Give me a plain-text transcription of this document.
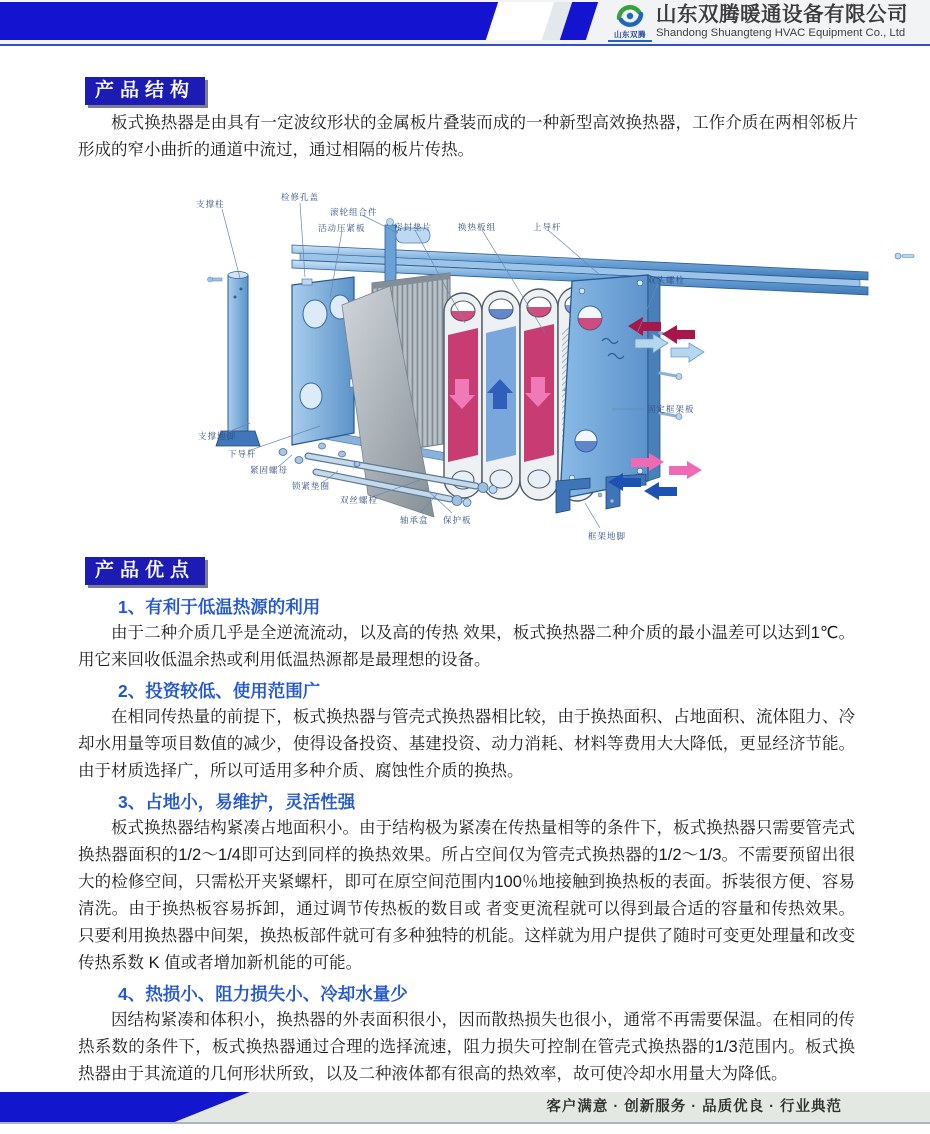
山东双腾
山东双腾暖通设备有限公司
Shandong Shuangteng HVAC Equipment Co., Ltd
产品结构

板式换热器是由具有一定波纹形状的金属板片叠装而成的一种新型高效换热器，工作介质在两相邻板片形成的窄小曲折的通道中流过，通过相隔的板片传热。

支撑柱
检修孔盖
滚轮组合件
活动压紧板	密封垫片	换热板组	上导杆
双头螺栓
固定框架板
支撑地脚
下导杆
紧固螺母
锁紧垫圈
双丝螺栓
轴承盒 保护板
框架地脚
产品优点
1、有利于低温热源的利用

由于二种介质几乎是全逆流流动，以及高的传热 效果，板式换热器二种介质的最小温差可以达到1℃。用它来回收低温余热或利用低温热源都是最理想的设备。

2、投资较低、使用范围广

在相同传热量的前提下，板式换热器与管壳式换热器相比较，由于换热面积、占地面积、流体阻力、冷却水用量等项目数值的减少，使得设备投资、基建投资、动力消耗、材料等费用大大降低，更显经济节能。由于材质选择广，所以可适用多种介质、腐蚀性介质的换热。

3、占地小，易维护，灵活性强

板式换热器结构紧凑占地面积小。由于结构极为紧凑在传热量相等的条件下，板式换热器只需要管壳式换热器面积的1/2～1/4即可达到同样的换热效果。所占空间仅为管壳式换热器的1/2～1/3。不需要预留出很大的检修空间，只需松开夹紧螺杆，即可在原空间范围内100％地接触到换热板的表面。拆装很方便、容易清洗。由于换热板容易拆卸，通过调节传热板的数目或 者变更流程就可以得到最合适的容量和传热效果。只要利用换热器中间架，换热板部件就可有多种独特的机能。这样就为用户提供了随时可变更处理量和改变 传热系数 K 值或者增加新机能的可能。

4、热损小、阻力损失小、冷却水量少

因结构紧凑和体积小，换热器的外表面积很小，因而散热损失也很小，通常不再需要保温。在相同的传热系数的条件下，板式换热器通过合理的选择流速，阻力损失可控制在管壳式换热器的1/3范围内。板式换热器由于其流道的几何形状所致，以及二种液体都有很高的热效率，故可使冷却水用量大为降低。

客户满意 · 创新服务 · 品质优良 · 行业典范
